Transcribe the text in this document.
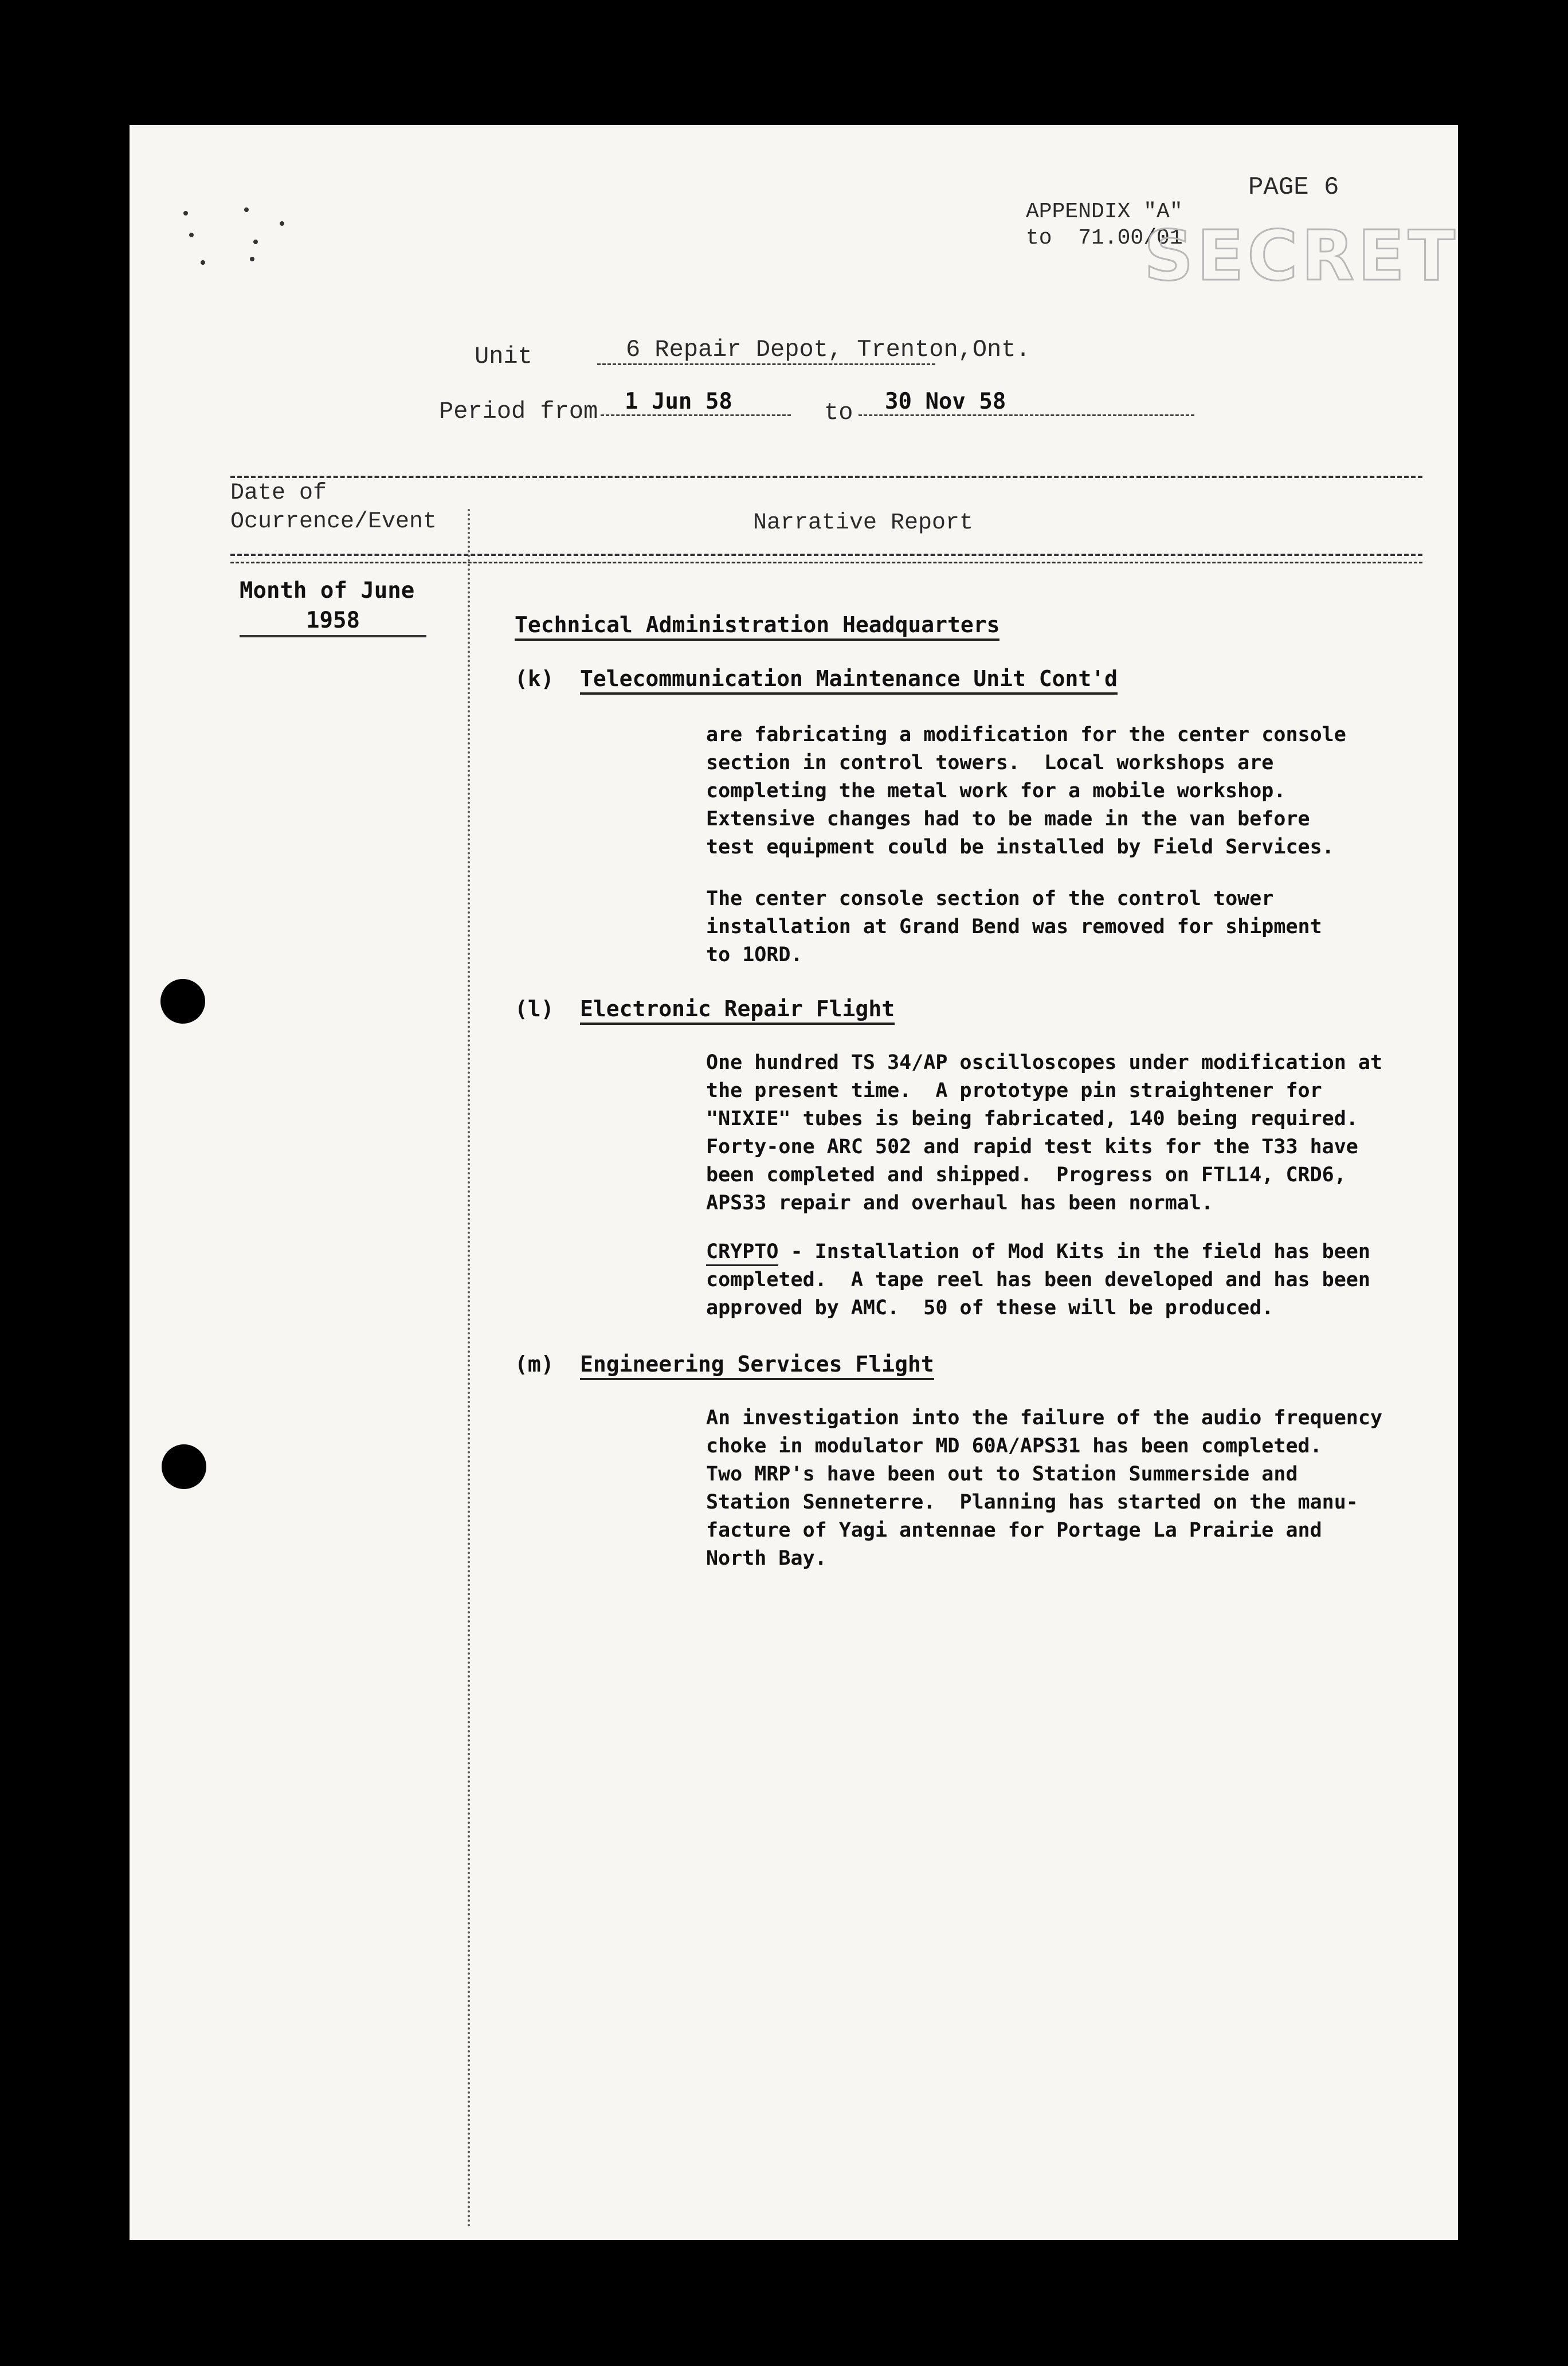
PAGE 6
APPENDIX "A"
to  71.00/01
SECRET
Unit	6 Repair Depot, Trenton,Ont.
Period from	1 Jun 58	to	30 Nov 58
Date of
Ocurrence/Event	Narrative Report
Month of June
1958	Technical Administration Headquarters
(k) Telecommunication Maintenance Unit Cont'd
are fabricating a modification for the center console
section in control towers.  Local workshops are
completing the metal work for a mobile workshop.
Extensive changes had to be made in the van before
test equipment could be installed by Field Services.
The center console section of the control tower
installation at Grand Bend was removed for shipment
to 1ORD.
(l) Electronic Repair Flight
One hundred TS 34/AP oscilloscopes under modification at
the present time.  A prototype pin straightener for
"NIXIE" tubes is being fabricated, 140 being required.
Forty-one ARC 502 and rapid test kits for the T33 have
been completed and shipped.  Progress on FTL14, CRD6,
APS33 repair and overhaul has been normal.
CRYPTO - Installation of Mod Kits in the field has been
completed.  A tape reel has been developed and has been
approved by AMC.  50 of these will be produced.
(m) Engineering Services Flight
An investigation into the failure of the audio frequency
choke in modulator MD 60A/APS31 has been completed.
Two MRP's have been out to Station Summerside and
Station Senneterre.  Planning has started on the manu-
facture of Yagi antennae for Portage La Prairie and
North Bay.
